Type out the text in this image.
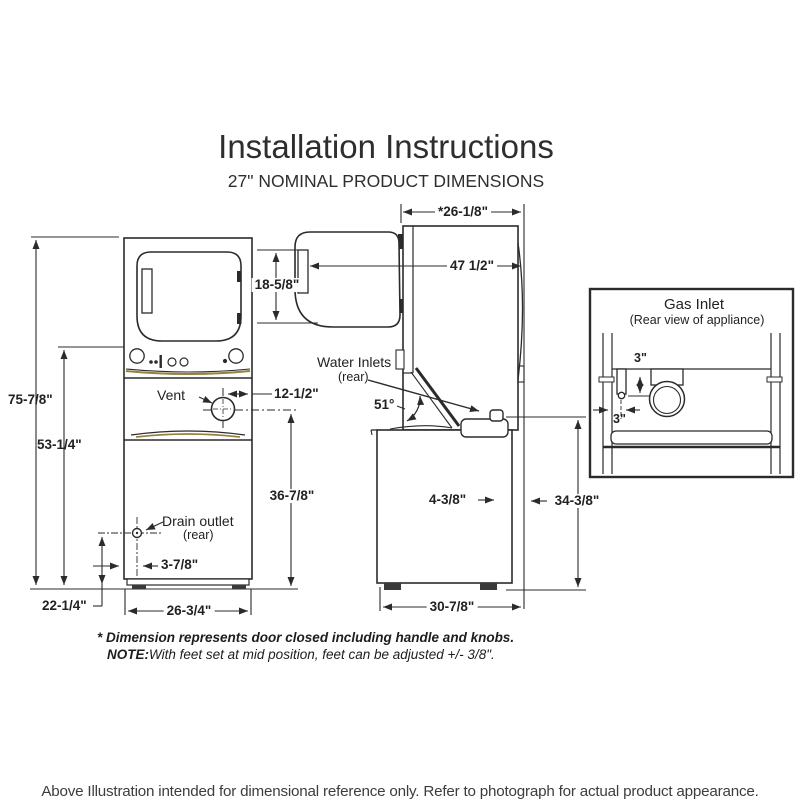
Installation Instructions
27" NOMINAL PRODUCT DIMENSIONS
75-7/8"
53-1/4"
Vent	12-1/2"
36-7/8"
Drain outlet
(rear)
3-7/8"
22-1/4"	26-3/4"
*26-1/8"
47 1/2"
18-5/8"
Water Inlets
(rear)
51°
4-3/8"	34-3/8"
30-7/8"
Gas Inlet
(Rear view of appliance)
3"
3"
* Dimension represents door closed including handle and knobs.
NOTE:With feet set at mid position, feet can be adjusted +/- 3/8".
Above Illustration intended for dimensional reference only. Refer to photograph for actual product appearance.
